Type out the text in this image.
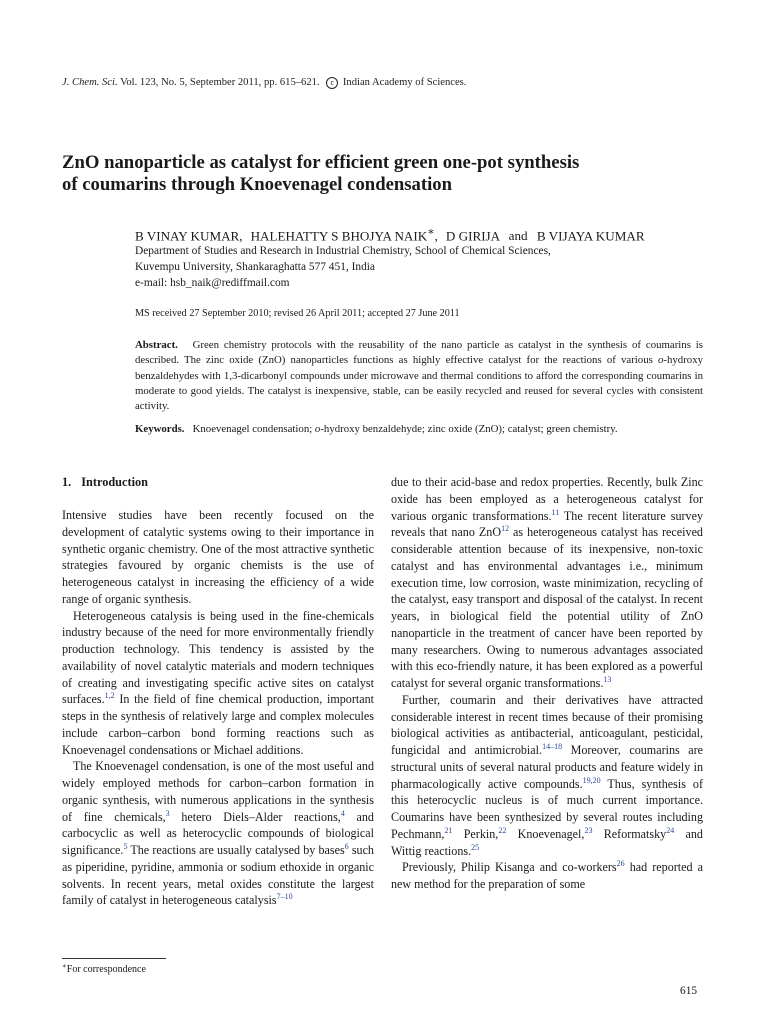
J. Chem. Sci. Vol. 123, No. 5, September 2011, pp. 615–621. c Indian Academy of Sciences.
ZnO nanoparticle as catalyst for efficient green one-pot synthesis
of coumarins through Knoevenagel condensation
B VINAY KUMAR, HALEHATTY S BHOJYA NAIK∗, D GIRIJA and B VIJAYA KUMAR
Department of Studies and Research in Industrial Chemistry, School of Chemical Sciences,
Kuvempu University, Shankaraghatta 577 451, India
e-mail: hsb_naik@rediffmail.com
MS received 27 September 2010; revised 26 April 2011; accepted 27 June 2011

Abstract. Green chemistry protocols with the reusability of the nano particle as catalyst in the synthesis of coumarins is described. The zinc oxide (ZnO) nanoparticles functions as highly effective catalyst for the reactions of various o-hydroxy benzaldehydes with 1,3-dicarbonyl compounds under microwave and thermal conditions to afford the corresponding coumarins in moderate to good yields. The catalyst is inexpensive, stable, can be easily recycled and reused for several cycles with consistent activity.

Keywords. Knoevenagel condensation; o-hydroxy benzaldehyde; zinc oxide (ZnO); catalyst; green chemistry.

1. Introduction

Intensive studies have been recently focused on the development of catalytic systems owing to their importance in synthetic organic chemistry. One of the most attractive synthetic strategies favoured by organic chemists is the use of heterogeneous catalyst in increasing the efficiency of a wide range of organic synthesis.

Heterogeneous catalysis is being used in the fine-chemicals industry because of the need for more environmentally friendly production technology. This tendency is assisted by the availability of novel catalytic materials and modern techniques of creating and investigating specific active sites on catalyst surfaces.$^{1,2}$ In the field of fine chemical production, important steps in the synthesis of relatively large and complex molecules include carbon–carbon bond forming reactions such as Knoevenagel condensations or Michael additions.

The Knoevenagel condensation, is one of the most useful and widely employed methods for carbon–carbon formation in organic synthesis, with numerous applications in the synthesis of fine chemicals,$^3$ hetero Diels–Alder reactions,$^4$ and carbocyclic as well as heterocyclic compounds of biological significance.$^5$ The reactions are usually catalysed by bases$^6$ such as piperidine, pyridine, ammonia or sodium ethoxide in organic solvents. In recent years, metal oxides constitute the largest family of catalyst in heterogeneous catalysis$^{7-10}$

due to their acid-base and redox properties. Recently, bulk Zinc oxide has been employed as a heterogeneous catalyst for various organic transformations.$^{11}$ The recent literature survey reveals that nano ZnO$^{12}$ as heterogeneous catalyst has received considerable attention because of its inexpensive, non-toxic catalyst and has environmental advantages i.e., minimum execution time, low corrosion, waste minimization, recycling of the catalyst, easy transport and disposal of the catalyst. In recent years, in biological field the potential utility of ZnO nanoparticle in the treatment of cancer have been reported by many researchers. Owing to numerous advantages associated with this eco-friendly nature, it has been explored as a powerful catalyst for several organic transformations.$^{13}$

Further, coumarin and their derivatives have attracted considerable interest in recent times because of their promising biological activities as antibacterial, anticoagulant, pesticidal, fungicidal and antimicrobial.$^{14-18}$ Moreover, coumarins are structural units of several natural products and feature widely in pharmacologically active compounds.$^{19,20}$ Thus, synthesis of this heterocyclic nucleus is of much current importance. Coumarins have been synthesized by several routes including Pechmann,$^{21}$ Perkin,$^{22}$ Knoevenagel,$^{23}$ Reformatsky$^{24}$ and Wittig reactions.$^{25}$

Previously, Philip Kisanga and co-workers$^{26}$ had reported a new method for the preparation of some

∗For correspondence
615
